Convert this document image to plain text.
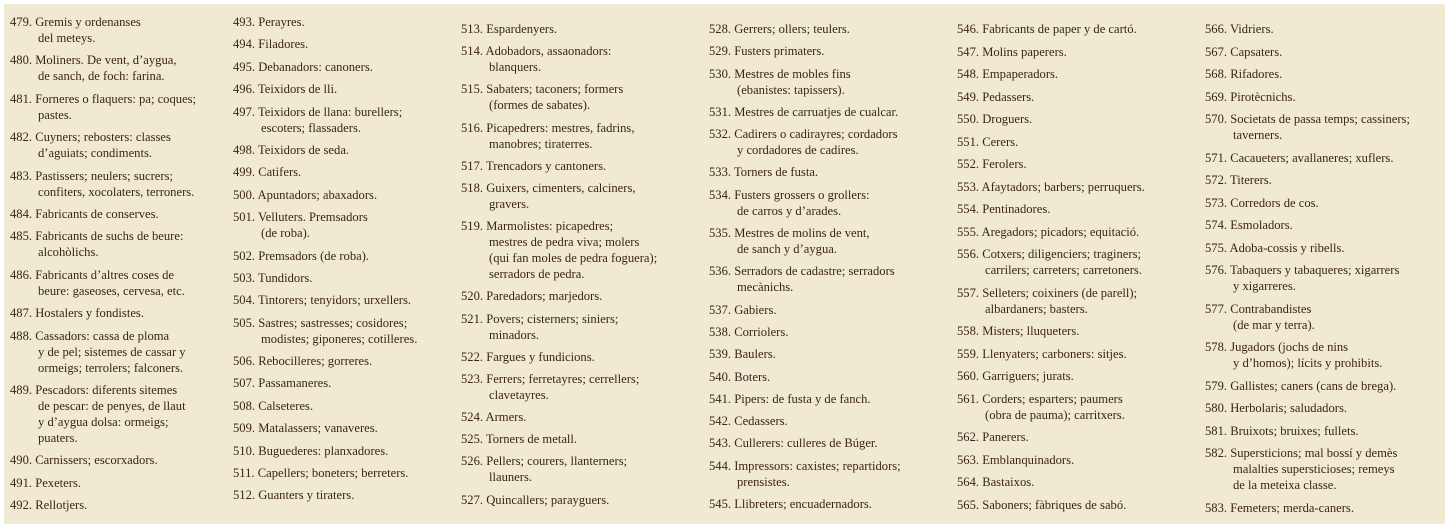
479. Gremis y ordenanses
del meteys.
480. Moliners. De vent, d’aygua,
de sanch, de foch: farina.
481. Forneres o flaquers: pa; coques;
pastes.
482. Cuyners; rebosters: classes
d’aguiats; condiments.
483. Pastissers; neulers; sucrers;
confiters, xocolaters, terroners.
484. Fabricants de conserves.
485. Fabricants de suchs de beure:
alcohòlichs.
486. Fabricants d’altres coses de
beure: gaseoses, cervesa, etc.
487. Hostalers y fondistes.
488. Cassadors: cassa de ploma
y de pel; sistemes de cassar y
ormeigs; terrolers; falconers.
489. Pescadors: diferents sitemes
de pescar: de penyes, de llaut
y d’aygua dolsa: ormeigs;
puaters.
490. Carnissers; escorxadors.
491. Pexeters.
492. Rellotjers.
493. Perayres.
494. Filadores.
495. Debanadors: canoners.
496. Teixidors de lli.
497. Teixidors de llana: burellers;
escoters; flassaders.
498. Teixidors de seda.
499. Catifers.
500. Apuntadors; abaxadors.
501. Velluters. Premsadors
(de roba).
502. Premsadors (de roba).
503. Tundidors.
504. Tintorers; tenyidors; urxellers.
505. Sastres; sastresses; cosidores;
modistes; giponeres; cotilleres.
506. Rebocilleres; gorreres.
507. Passamaneres.
508. Calseteres.
509. Matalassers; vanaveres.
510. Buguederes: planxadores.
511. Capellers; boneters; berreters.
512. Guanters y tiraters.
513. Espardenyers.
514. Adobadors, assaonadors:
blanquers.
515. Sabaters; taconers; formers
(formes de sabates).
516. Picapedrers: mestres, fadrins,
manobres; tiraterres.
517. Trencadors y cantoners.
518. Guixers, cimenters, calciners,
gravers.
519. Marmolistes: picapedres;
mestres de pedra viva; molers
(qui fan moles de pedra foguera);
serradors de pedra.
520. Paredadors; marjedors.
521. Povers; cisterners; siniers;
minadors.
522. Fargues y fundicions.
523. Ferrers; ferretayres; cerrellers;
clavetayres.
524. Armers.
525. Torners de metall.
526. Pellers; courers, llanterners;
llauners.
527. Quincallers; parayguers.
528. Gerrers; ollers; teulers.
529. Fusters primaters.
530. Mestres de mobles fins
(ebanistes: tapissers).
531. Mestres de carruatjes de cualcar.
532. Cadirers o cadirayres; cordadors
y cordadores de cadires.
533. Torners de fusta.
534. Fusters grossers o grollers:
de carros y d’arades.
535. Mestres de molins de vent,
de sanch y d’aygua.
536. Serradors de cadastre; serradors
mecànichs.
537. Gabiers.
538. Corriolers.
539. Baulers.
540. Boters.
541. Pipers: de fusta y de fanch.
542. Cedassers.
543. Cullerers: culleres de Búger.
544. Impressors: caxistes; repartidors;
prensistes.
545. Llibreters; encuadernadors.
546. Fabricants de paper y de cartó.
547. Molins paperers.
548. Empaperadors.
549. Pedassers.
550. Droguers.
551. Cerers.
552. Ferolers.
553. Afaytadors; barbers; perruquers.
554. Pentinadores.
555. Aregadors; picadors; equitació.
556. Cotxers; diligenciers; traginers;
carrilers; carreters; carretoners.
557. Selleters; coixiners (de parell);
albardaners; basters.
558. Misters; lluqueters.
559. Llenyaters; carboners: sitjes.
560. Garriguers; jurats.
561. Corders; esparters; paumers
(obra de pauma); carritxers.
562. Panerers.
563. Emblanquinadors.
564. Bastaixos.
565. Saboners; fàbriques de sabó.
566. Vidriers.
567. Capsaters.
568. Rifadores.
569. Pirotècnichs.
570. Societats de passa temps; cassiners;
taverners.
571. Cacaueters; avallaneres; xuflers.
572. Titerers.
573. Corredors de cos.
574. Esmoladors.
575. Adoba-cossis y ribells.
576. Tabaquers y tabaqueres; xigarrers
y xigarreres.
577. Contrabandistes
(de mar y terra).
578. Jugadors (jochs de nins
y d’homos); lícits y prohibits.
579. Gallistes; caners (cans de brega).
580. Herbolaris; saludadors.
581. Bruixots; bruixes; fullets.
582. Supersticions; mal bossí y demès
malalties supersticioses; remeys
de la meteixa classe.
583. Femeters; merda-caners.
